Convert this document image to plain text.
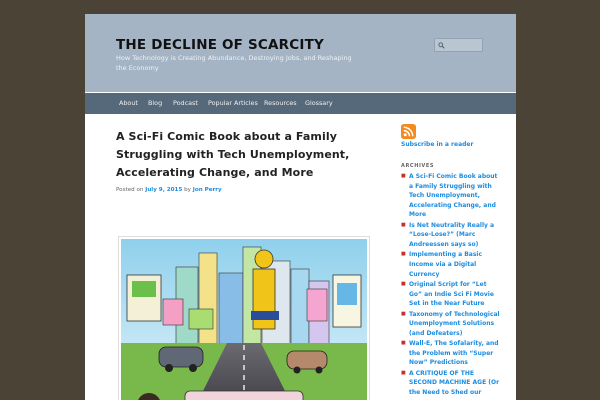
THE DECLINE OF SCARCITY
How Technology is Creating Abundance, Destroying Jobs, and Reshaping the Economy
About Blog Podcast Popular Articles Resources Glossary
A Sci-Fi Comic Book about a Family Struggling with Tech Unemployment, Accelerating Change, and More
Posted on July 9, 2015 by Jon Perry
Subscribe in a reader
ARCHIVES
■ A Sci-Fi Comic Book about a Family Struggling with Tech Unemployment, Accelerating Change, and More
■ Is Net Neutrality Really a “Lose-Lose?” (Marc Andreessen says so)
■ Implementing a Basic Income via a Digital Currency
■ Original Script for “Let Go” an Indie Sci Fi Movie Set in the Near Future
■ Taxonomy of Technological Unemployment Solutions (and Defeaters)
■ Wall-E, The Sofalarity, and the Problem with “Super Now” Predictions
■ A CRITIQUE OF THE SECOND MACHINE AGE (Or the Need to Shed our
